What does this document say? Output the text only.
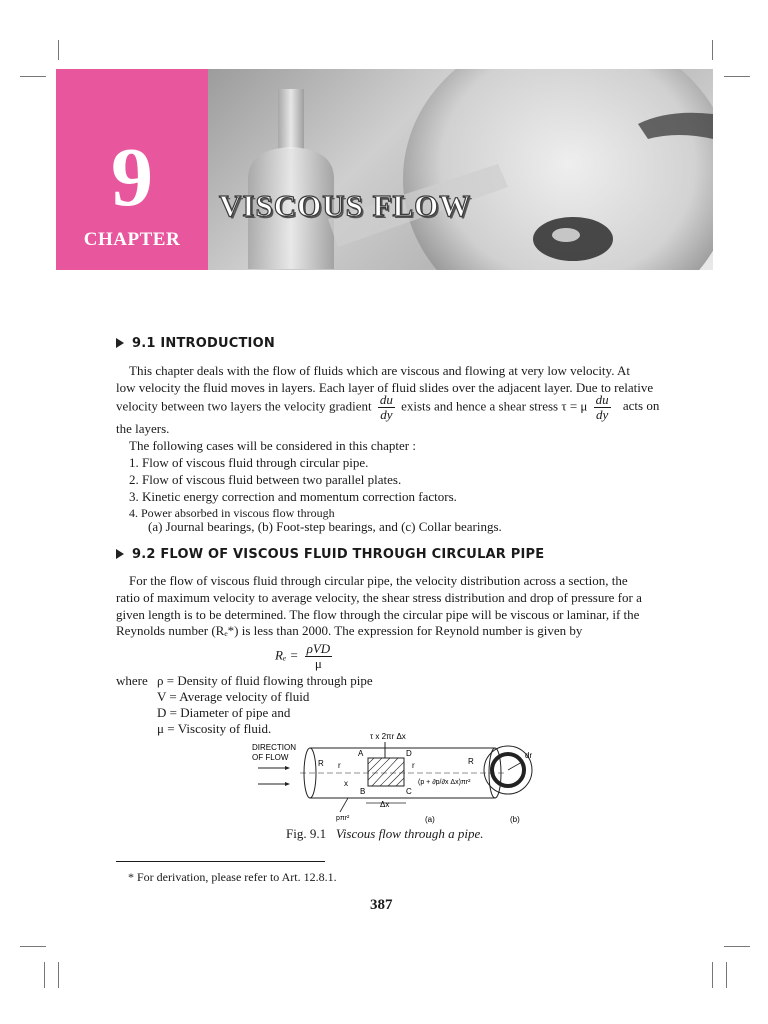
9
CHAPTER
VISCOUS FLOW
9.1 INTRODUCTION
This chapter deals with the flow of fluids which are viscous and flowing at very low velocity. At
low velocity the fluid moves in layers. Each layer of fluid slides over the adjacent layer. Due to relative
velocity between two layers the velocity gradient $\frac{du}{dy}$ exists and hence a shear stress τ = μ $\frac{du}{dy}$ acts on
the layers.
The following cases will be considered in this chapter :
1. Flow of viscous fluid through circular pipe.
2. Flow of viscous fluid between two parallel plates.
3. Kinetic energy correction and momentum correction factors.
4. Power absorbed in viscous flow through
(a) Journal bearings, (b) Foot-step bearings, and (c) Collar bearings.
9.2 FLOW OF VISCOUS FLUID THROUGH CIRCULAR PIPE
For the flow of viscous fluid through circular pipe, the velocity distribution across a section, the
ratio of maximum velocity to average velocity, the shear stress distribution and drop of pressure for a
given length is to be determined. The flow through the circular pipe will be viscous or laminar, if the
Reynolds number (Rₑ*) is less than 2000. The expression for Reynold number is given by
$R_e = \frac{\text{ρVD}}{\mu}$
where ρ = Density of fluid flowing through pipe
V = Average velocity of fluid
D = Diameter of pipe and
μ = Viscosity of fluid.
τ x 2πr Δx
DIRECTION
OF FLOW
R r
A
B	C
D
x
r
(p + ∂p/∂x Δx)πr²
R
Δx
pπr²	(a)
dr
(b)
Fig. 9.1 Viscous flow through a pipe.
* For derivation, please refer to Art. 12.8.1.
387
